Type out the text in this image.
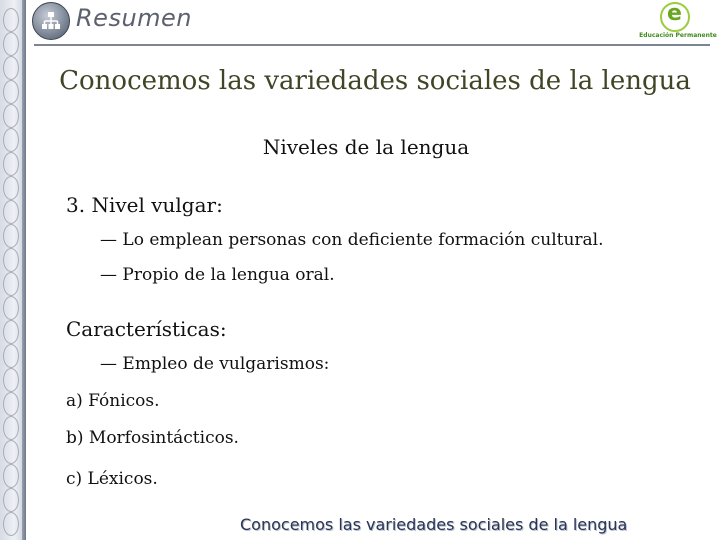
Resumen	e
Educación Permanente
Conocemos las variedades sociales de la lengua
Niveles de la lengua
3. Nivel vulgar:
— Lo emplean personas con deficiente formación cultural.
— Propio de la lengua oral.
Características:
— Empleo de vulgarismos:
a) Fónicos.
b) Morfosintácticos.
c) Léxicos.
Conocemos las variedades sociales de la lengua
